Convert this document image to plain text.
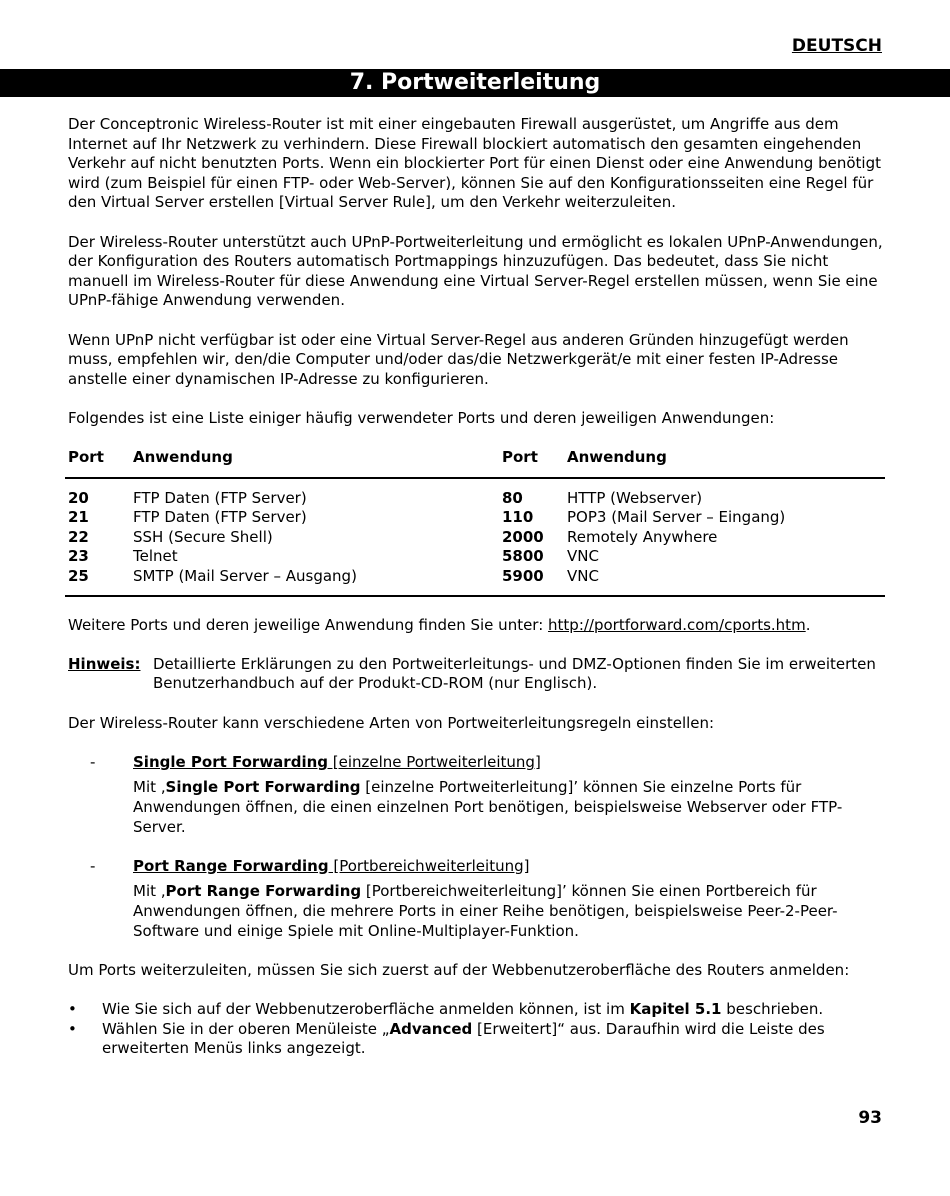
DEUTSCH
7. Portweiterleitung

Der Conceptronic Wireless-Router ist mit einer eingebauten Firewall ausgerüstet, um Angriffe aus dem Internet auf Ihr Netzwerk zu verhindern. Diese Firewall blockiert automatisch den gesamten eingehenden Verkehr auf nicht benutzten Ports. Wenn ein blockierter Port für einen Dienst oder eine Anwendung benötigt wird (zum Beispiel für einen FTP- oder Web-Server), können Sie auf den Konfigurationsseiten eine Regel für den Virtual Server erstellen [Virtual Server Rule], um den Verkehr weiterzuleiten.

Der Wireless-Router unterstützt auch UPnP-Portweiterleitung und ermöglicht es lokalen UPnP-Anwendungen, der Konfiguration des Routers automatisch Portmappings hinzuzufügen. Das bedeutet, dass Sie nicht manuell im Wireless-Router für diese Anwendung eine Virtual Server-Regel erstellen müssen, wenn Sie eine UPnP-fähige Anwendung verwenden.

Wenn UPnP nicht verfügbar ist oder eine Virtual Server-Regel aus anderen Gründen hinzugefügt werden muss, empfehlen wir, den/die Computer und/oder das/die Netzwerkgerät/e mit einer festen IP-Adresse anstelle einer dynamischen IP-Adresse zu konfigurieren.

Folgendes ist eine Liste einiger häufig verwendeter Ports und deren jeweiligen Anwendungen:

Port	Anwendung	Port	Anwendung

20	FTP Daten (FTP Server)	80	HTTP (Webserver)
21	FTP Daten (FTP Server)	110	POP3 (Mail Server – Eingang)
22	SSH (Secure Shell)	2000	Remotely Anywhere
23	Telnet	5800	VNC
25	SMTP (Mail Server – Ausgang)	5900	VNC

Weitere Ports und deren jeweilige Anwendung finden Sie unter: http://portforward.com/cports.htm.

Hinweis: Detaillierte Erklärungen zu den Portweiterleitungs- und DMZ-Optionen finden Sie im erweiterten Benutzerhandbuch auf der Produkt-CD-ROM (nur Englisch).

Der Wireless-Router kann verschiedene Arten von Portweiterleitungsregeln einstellen:

-	Single Port Forwarding [einzelne Portweiterleitung]

Mit ‚Single Port Forwarding [einzelne Portweiterleitung]’ können Sie einzelne Ports für Anwendungen öffnen, die einen einzelnen Port benötigen, beispielsweise Webserver oder FTP-Server.

-	Port Range Forwarding [Portbereichweiterleitung]

Mit ‚Port Range Forwarding [Portbereichweiterleitung]’ können Sie einen Portbereich für Anwendungen öffnen, die mehrere Ports in einer Reihe benötigen, beispielsweise Peer-2-Peer-Software und einige Spiele mit Online-Multiplayer-Funktion.

Um Ports weiterzuleiten, müssen Sie sich zuerst auf der Webbenutzeroberfläche des Routers anmelden:

•	Wie Sie sich auf der Webbenutzeroberfläche anmelden können, ist im Kapitel 5.1 beschrieben.
•	Wählen Sie in der oberen Menüleiste „Advanced [Erweitert]“ aus. Daraufhin wird die Leiste des erweiterten Menüs links angezeigt.
93
